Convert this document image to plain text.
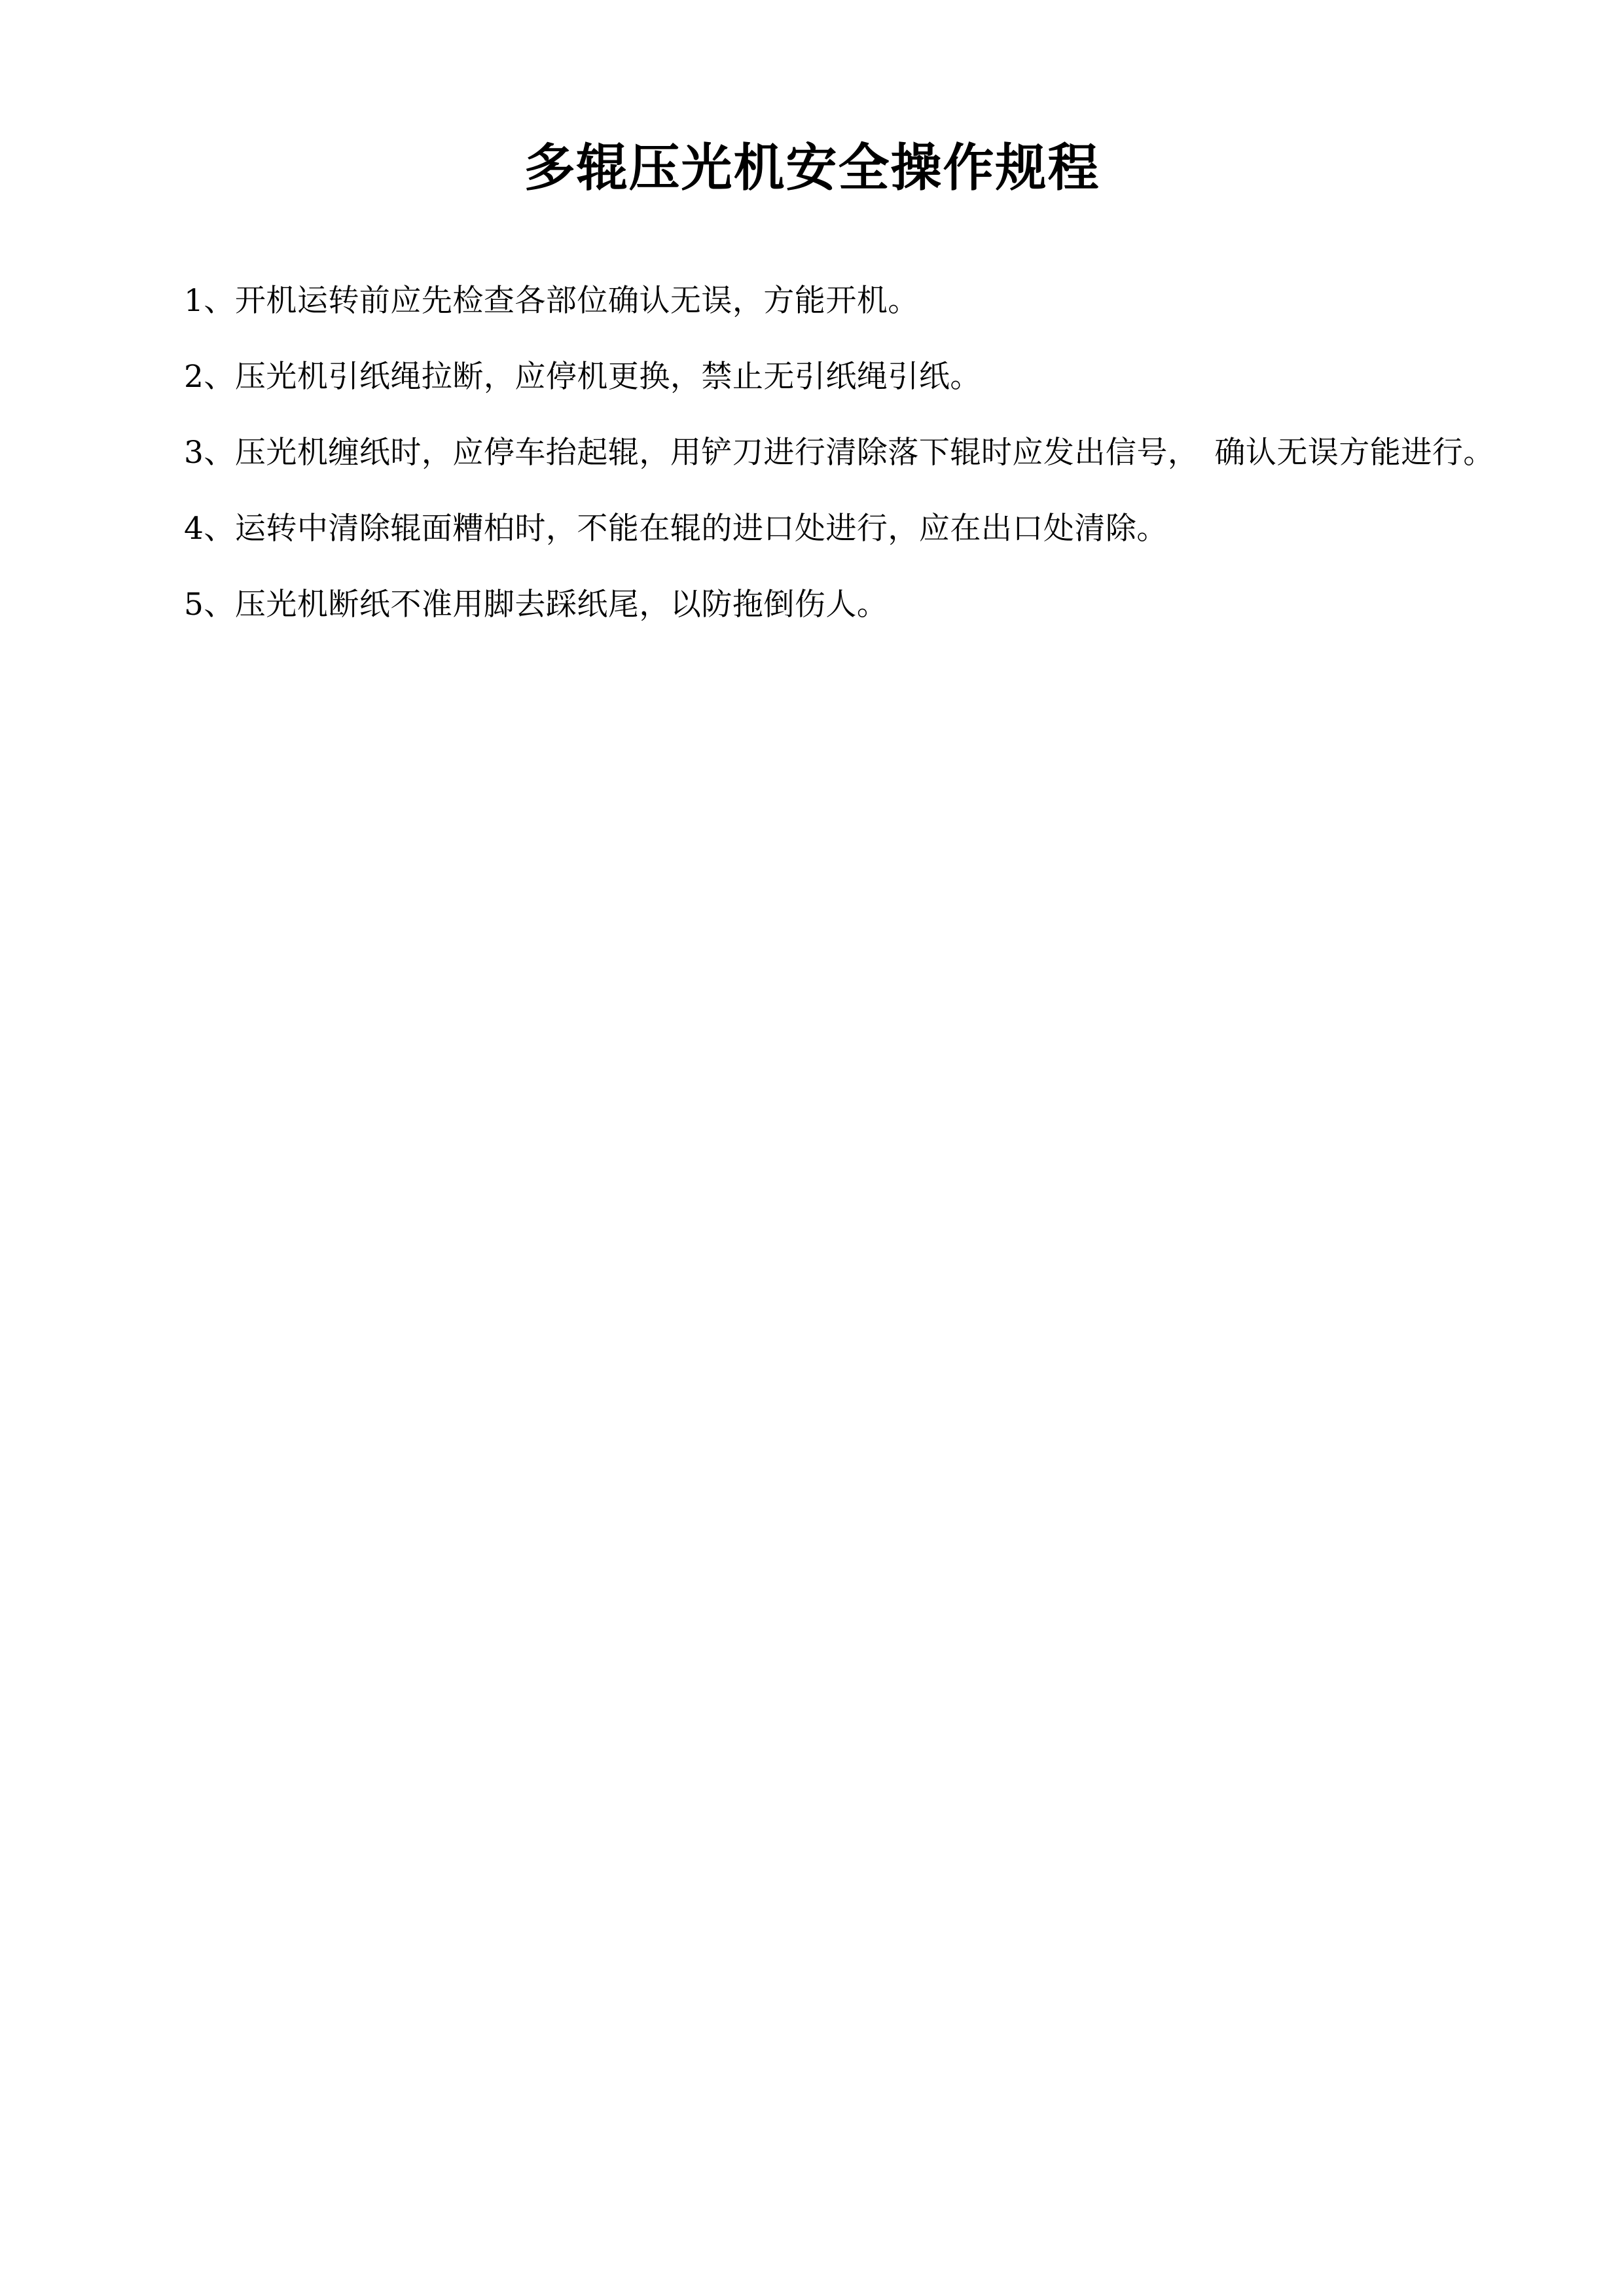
多辊压光机安全操作规程

1、开机运转前应先检查各部位确认无误，方能开机。

2、压光机引纸绳拉断，应停机更换，禁止无引纸绳引纸。

3、压光机缠纸时，应停车抬起辊，用铲刀进行清除落下辊时应发出信号，　确认无误方能进行。

4、运转中清除辊面糟柏时，不能在辊的进口处进行，应在出口处清除。

5、压光机断纸不准用脚去踩纸尾，以防拖倒伤人。
